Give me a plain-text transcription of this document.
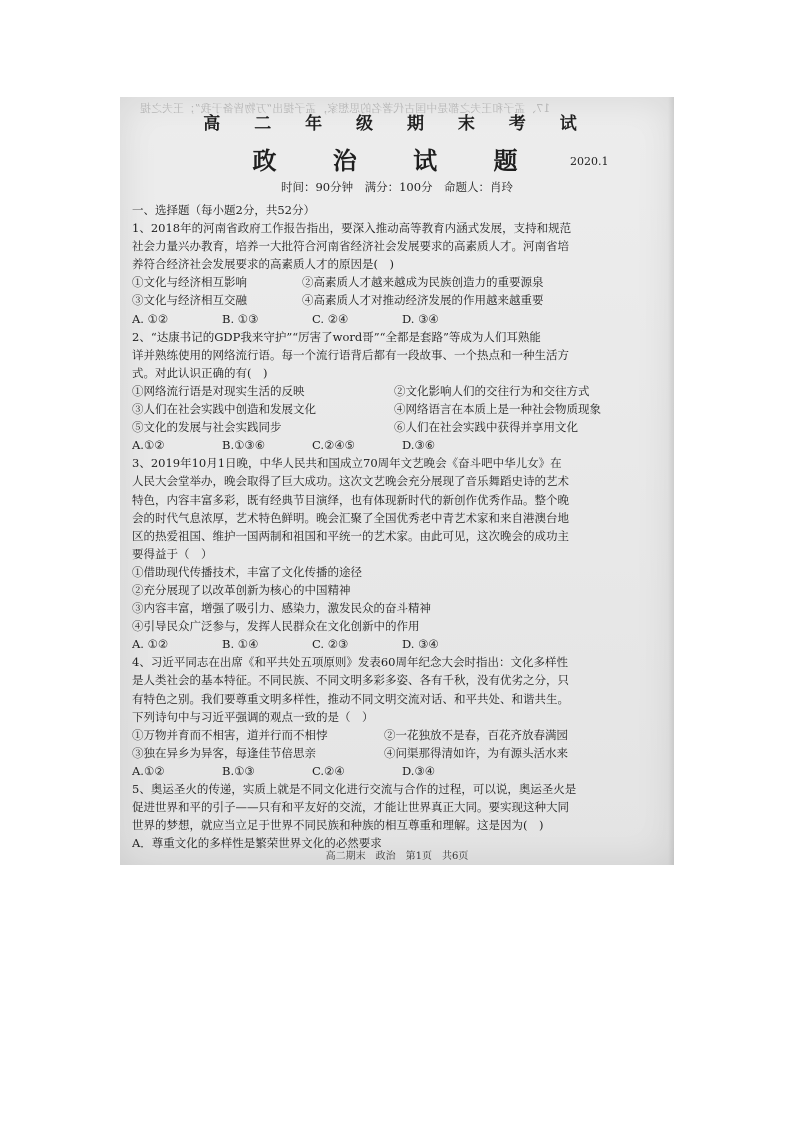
17、孟子和王夫之都是中国古代著名的思想家，孟子提出“万物皆备于我”；王夫之提
高 二 年 级 期 末 考 试
政 治 试 题	2020.1
时间：90分钟　满分：100分　命题人：肖玲
一、选择题（每小题2分，共52分）
1、2018年的河南省政府工作报告指出，要深入推动高等教育内涵式发展，支持和规范
社会力量兴办教育，培养一大批符合河南省经济社会发展要求的高素质人才。河南省培
养符合经济社会发展要求的高素质人才的原因是(　)
①文化与经济相互影响	②高素质人才越来越成为民族创造力的重要源泉
③文化与经济相互交融	④高素质人才对推动经济发展的作用越来越重要
A. ①②	B. ①③	C. ②④	D. ③④
2、“达康书记的GDP我来守护”“厉害了word哥”“全都是套路”等成为人们耳熟能
详并熟练使用的网络流行语。每一个流行语背后都有一段故事、一个热点和一种生活方
式。对此认识正确的有(　)
①网络流行语是对现实生活的反映	②文化影响人们的交往行为和交往方式
③人们在社会实践中创造和发展文化	④网络语言在本质上是一种社会物质现象
⑤文化的发展与社会实践同步	⑥人们在社会实践中获得并享用文化
A.①②	B.①③⑥	C.②④⑤	D.③⑥
3、2019年10月1日晚，中华人民共和国成立70周年文艺晚会《奋斗吧中华儿女》在
人民大会堂举办，晚会取得了巨大成功。这次文艺晚会充分展现了音乐舞蹈史诗的艺术
特色，内容丰富多彩，既有经典节目演绎，也有体现新时代的新创作优秀作品。整个晚
会的时代气息浓厚，艺术特色鲜明。晚会汇聚了全国优秀老中青艺术家和来自港澳台地
区的热爱祖国、维护一国两制和祖国和平统一的艺术家。由此可见，这次晚会的成功主
要得益于（　）
①借助现代传播技术，丰富了文化传播的途径
②充分展现了以改革创新为核心的中国精神
③内容丰富，增强了吸引力、感染力，激发民众的奋斗精神
④引导民众广泛参与，发挥人民群众在文化创新中的作用
A. ①②	B. ①④	C. ②③	D. ③④
4、习近平同志在出席《和平共处五项原则》发表60周年纪念大会时指出：文化多样性
是人类社会的基本特征。不同民族、不同文明多彩多姿、各有千秋，没有优劣之分，只
有特色之别。我们要尊重文明多样性，推动不同文明交流对话、和平共处、和谐共生。
下列诗句中与习近平强调的观点一致的是（　）
①万物并育而不相害，道并行而不相悖	②一花独放不是春，百花齐放春满园
③独在异乡为异客，每逢佳节倍思亲	④问渠那得清如许，为有源头活水来
A.①②	B.①③	C.②④	D.③④
5、奥运圣火的传递，实质上就是不同文化进行交流与合作的过程，可以说，奥运圣火是
促进世界和平的引子——只有和平友好的交流，才能让世界真正大同。要实现这种大同
世界的梦想，就应当立足于世界不同民族和种族的相互尊重和理解。这是因为(　)
A．尊重文化的多样性是繁荣世界文化的必然要求
高二期末　政治　第1页　共6页
